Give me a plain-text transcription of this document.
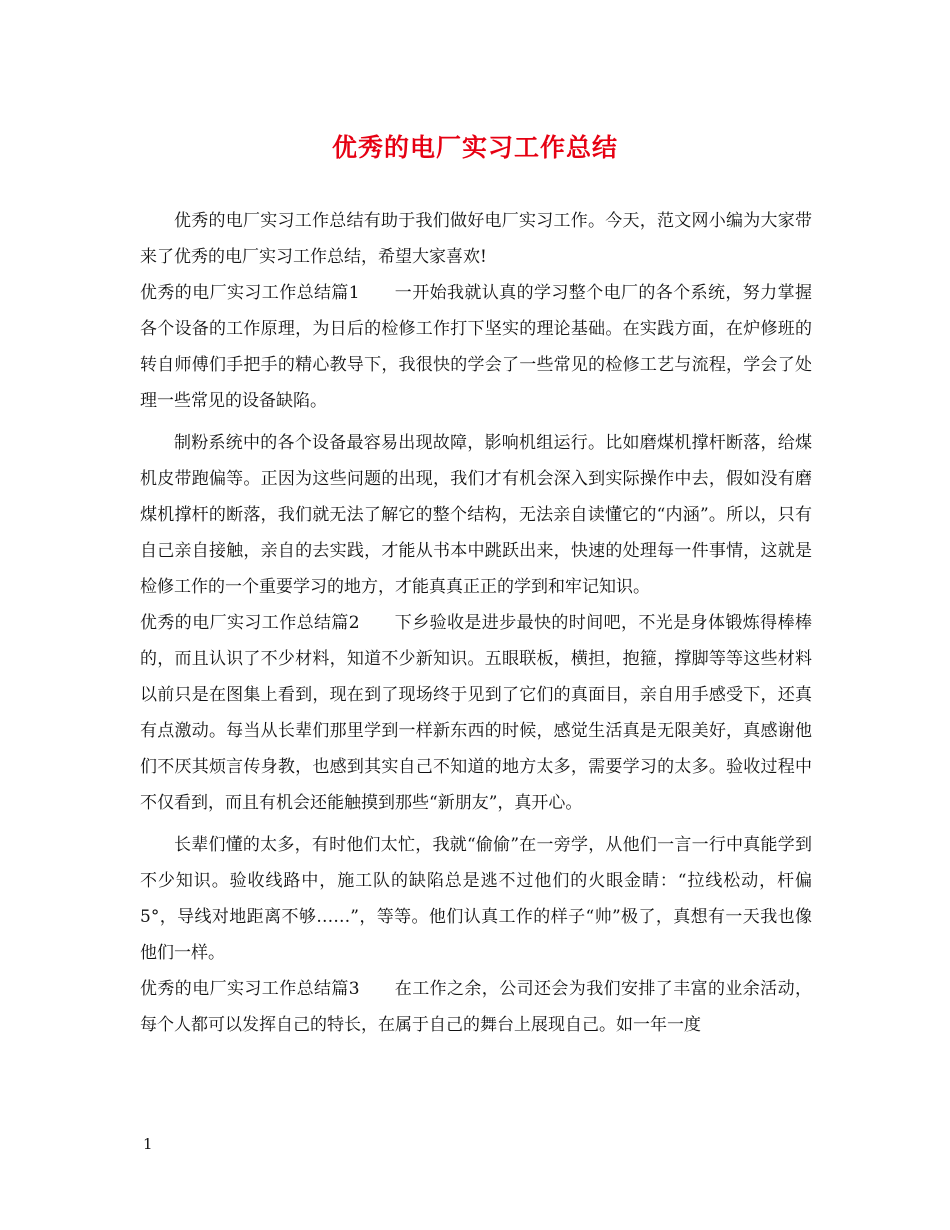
优秀的电厂实习工作总结

优秀的电厂实习工作总结有助于我们做好电厂实习工作。今天，范文网小编为大家带来了优秀的电厂实习工作总结，希望大家喜欢!

优秀的电厂实习工作总结篇1　　一开始我就认真的学习整个电厂的各个系统，努力掌握各个设备的工作原理，为日后的检修工作打下坚实的理论基础。在实践方面，在炉修班的转自师傅们手把手的精心教导下，我很快的学会了一些常见的检修工艺与流程，学会了处理一些常见的设备缺陷。

制粉系统中的各个设备最容易出现故障，影响机组运行。比如磨煤机撑杆断落，给煤机皮带跑偏等。正因为这些问题的出现，我们才有机会深入到实际操作中去，假如没有磨煤机撑杆的断落，我们就无法了解它的整个结构，无法亲自读懂它的“内涵”。所以，只有自己亲自接触，亲自的去实践，才能从书本中跳跃出来，快速的处理每一件事情，这就是检修工作的一个重要学习的地方，才能真真正正的学到和牢记知识。

优秀的电厂实习工作总结篇2　　下乡验收是进步最快的时间吧，不光是身体锻炼得棒棒的，而且认识了不少材料，知道不少新知识。五眼联板，横担，抱箍，撑脚等等这些材料以前只是在图集上看到，现在到了现场终于见到了它们的真面目，亲自用手感受下，还真有点激动。每当从长辈们那里学到一样新东西的时候，感觉生活真是无限美好，真感谢他们不厌其烦言传身教，也感到其实自己不知道的地方太多，需要学习的太多。验收过程中不仅看到，而且有机会还能触摸到那些“新朋友”，真开心。

长辈们懂的太多，有时他们太忙，我就“偷偷”在一旁学，从他们一言一行中真能学到不少知识。验收线路中，施工队的缺陷总是逃不过他们的火眼金睛：“拉线松动，杆偏5°，导线对地距离不够……”，等等。他们认真工作的样子“帅”极了，真想有一天我也像他们一样。

优秀的电厂实习工作总结篇3　　在工作之余，公司还会为我们安排了丰富的业余活动，每个人都可以发挥自己的特长，在属于自己的舞台上展现自己。如一年一度

1
